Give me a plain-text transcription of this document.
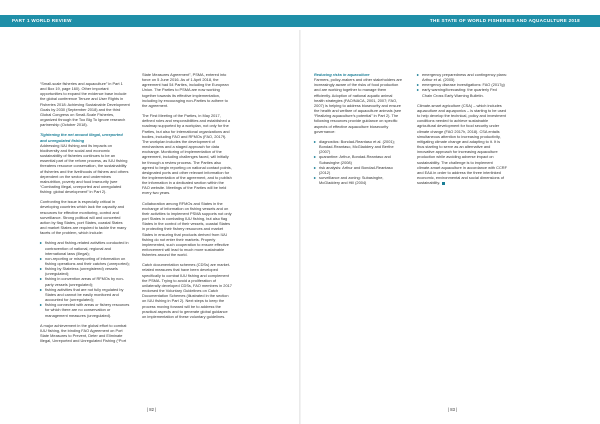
PART 1 WORLD REVIEW	THE STATE OF WORLD FISHERIES AND AQUACULTURE 2018

“Small-scale fisheries and aquaculture” in Part 1 and Box 19, page 160). Other important opportunities to expand the evidence base include the global conference Tenure and User Rights in Fisheries 2018: Achieving Sustainable Development Goals by 2030 (September 2018) and the third Global Congress on Small-Scale Fisheries, organized through the Too Big To Ignore research partnership (October 2018).

Tightening the net around illegal, unreported and unregulated fishing

Addressing IUU fishing and its impacts on biodiversity and the social and economic sustainability of fisheries continues to be an essential part of the reform process, as IUU fishing threatens resource conservation, the sustainability of fisheries and the livelihoods of fishers and others dependent on the sector and undermines malnutrition, poverty and food insecurity (see “Combating illegal, unreported and unregulated fishing: global development” in Part 2).

Confronting the issue is especially critical in developing countries which lack the capacity and resources for effective monitoring, control and surveillance. Strong political will and concerted action by flag States, port States, coastal States and market States are required to tackle the many facets of the problem, which include:

▸ fishing and fishing-related activities conducted in contravention of national, regional and international laws (illegal);
▸ non-reporting or misreporting of information on fishing operations and their catches (unreported);
▸ fishing by Stateless (unregistered) vessels (unregulated);
▸ fishing in convention areas of RFMOs by non-party vessels (unregulated);
▸ fishing activities that are not fully regulated by States and cannot be easily monitored and accounted for (unregulated);
▸ fishing connected with areas or fishery resources for which there are no conservation or management measures (unregulated).

A major achievement in the global effort to combat IUU fishing, the binding FAO Agreement on Port State Measures to Prevent, Deter and Eliminate Illegal, Unreported and Unregulated Fishing (“Port

State Measures Agreement”, PSMA, entered into force on 5 June 2016. As of 1 April 2018, the agreement had 54 Parties, including the European Union. The Parties to PSMA are now working together towards its effective implementation, including by encouraging non-Parties to adhere to the agreement.

The First Meeting of the Parties, in May 2017, defined roles and responsibilities and established a roadmap supported by a workplan, not only for the Parties, but also for international organizations and bodies, including FAO and RFMOs (FAO, 2017f). The workplan includes the development of mechanisms and a staged approach for data exchange. Monitoring of implementation of the agreement, including challenges faced, will initially be through a review process. The Parties also agreed to begin reporting on national contact points, designated ports and other relevant information for the implementation of the agreement, and to publish the information in a dedicated section within the FAO website. Meetings of the Parties will be held every two years.

Collaboration among RFMOs and States in the exchange of information on fishing vessels and on their activities to implement PSMA supports not only port States in combating IUU fishing, but also flag States in the control of their vessels, coastal States in protecting their fishery resources and market States in ensuring that products derived from IUU fishing do not enter their markets. Properly implemented, such cooperation to ensure effective enforcement will lead to much more sustainable fisheries around the world.

Catch documentation schemes (CDSs) are market-related measures that have been developed specifically to combat IUU fishing and complement the PSMA. Trying to avoid a proliferation of unilaterally developed CDSs, FAO members in 2017 endorsed the Voluntary Guidelines on Catch Documentation Schemes (illustrated in the section on IUU fishing in Part 2). Next steps to keep the process moving forward will be to address the practical aspects and to generate global guidance on implementation of these voluntary guidelines.

Reducing risks in aquaculture

Farmers, policy-makers and other stakeholders are increasingly aware of the risks of food production and are working together to manage them efficiently. Adoption of national aquatic animal health strategies (FAO/NACA, 2001, 2007; FAO, 2007) is helping to address biosecurity and ensure the health and welfare of aquaculture animals (see “Realizing aquaculture’s potential” in Part 2). The following resources provide guidance on specific aspects of effective aquaculture biosecurity governance:

▸ diagnostics: Bondad-Reantaso et al. (2001); Bondad-Reantaso, McGladdery and Berthe (2007)
▸ quarantine: Arthur, Bondad-Reantaso and Subasinghe (2008)
▸ risk analysis: Arthur and Bondad-Reantaso (2012)
▸ surveillance and zoning: Subasinghe, McGladdery and Hill (2004)
▸ emergency preparedness and contingency plans: Arthur et al. (2005)
▸ emergency disease investigations: FAO (2017g)
▸ early warning/forecasting: the quarterly Fed Chain Cross Early Warning Bulletin.

Climate-smart agriculture (CSA) – which includes aquaculture and aquaponics – is starting to be used to help develop the technical, policy and investment conditions needed to achieve sustainable agricultural development for food security under climate change (FAO 2017h, 2018). CSA entails simultaneous attention to increasing productivity, mitigating climate change and adapting to it. It is thus starting to serve as an alternative and innovative approach for increasing aquaculture production while avoiding adverse impact on sustainability. The challenge is to implement climate-smart aquaculture in accordance with CCRF and EAA in order to address the three interlinked economic, environmental and social dimensions of sustainability.

| 82 |	| 83 |
